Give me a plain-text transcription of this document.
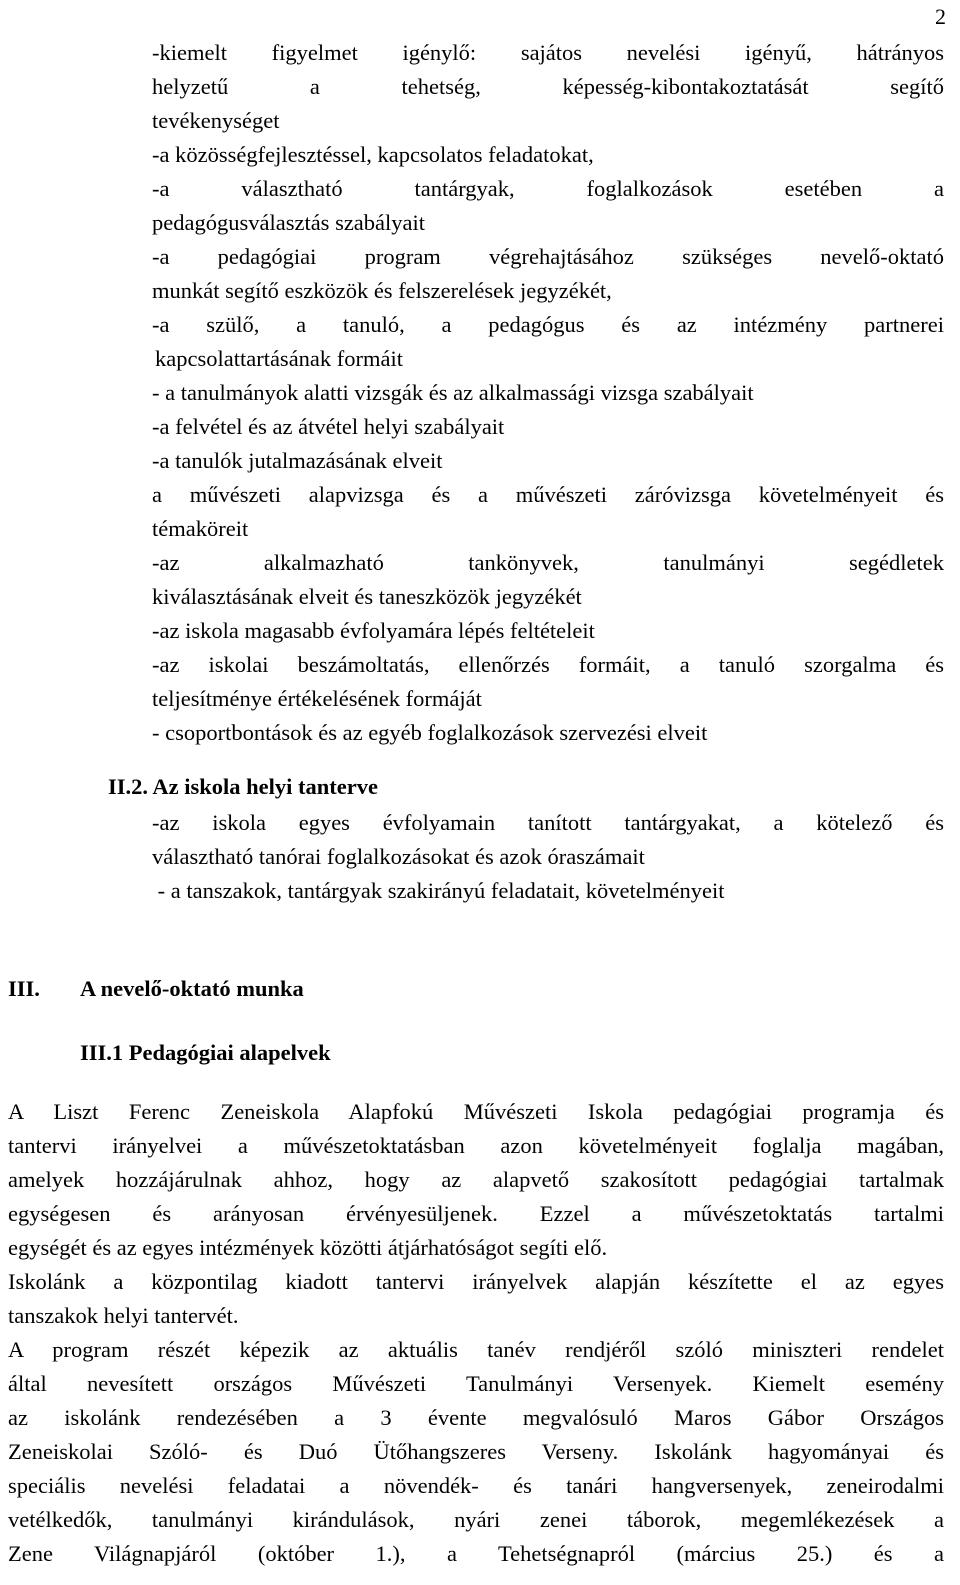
2
-kiemelt figyelmet igénylő: sajátos nevelési igényű, hátrányos
helyzetű a tehetség, képesség-kibontakoztatását segítő
tevékenységet
-a közösségfejlesztéssel, kapcsolatos feladatokat,
-a választható tantárgyak, foglalkozások esetében a
pedagógusválasztás szabályait
-a pedagógiai program végrehajtásához szükséges nevelő-oktató
munkát segítő eszközök és felszerelések jegyzékét,
-a szülő, a tanuló, a pedagógus és az intézmény partnerei
kapcsolattartásának formáit
- a tanulmányok alatti vizsgák és az alkalmassági vizsga szabályait
-a felvétel és az átvétel helyi szabályait
-a tanulók jutalmazásának elveit
a művészeti alapvizsga és a művészeti záróvizsga követelményeit és
témaköreit
-az alkalmazható tankönyvek, tanulmányi segédletek
kiválasztásának elveit és taneszközök jegyzékét
-az iskola magasabb évfolyamára lépés feltételeit
-az iskolai beszámoltatás, ellenőrzés formáit, a tanuló szorgalma és
teljesítménye értékelésének formáját
- csoportbontások és az egyéb foglalkozások szervezési elveit
II.2. Az iskola helyi tanterve
-az iskola egyes évfolyamain tanított tantárgyakat, a kötelező és
választható tanórai foglalkozásokat és azok óraszámait
- a tanszakok, tantárgyak szakirányú feladatait, követelményeit
III. A nevelő-oktató munka
III.1 Pedagógiai alapelvek
A Liszt Ferenc Zeneiskola Alapfokú Művészeti Iskola pedagógiai programja és
tantervi irányelvei a művészetoktatásban azon követelményeit foglalja magában,
amelyek hozzájárulnak ahhoz, hogy az alapvető szakosított pedagógiai tartalmak
egységesen és arányosan érvényesüljenek. Ezzel a művészetoktatás tartalmi
egységét és az egyes intézmények közötti átjárhatóságot segíti elő.
Iskolánk a központilag kiadott tantervi irányelvek alapján készítette el az egyes
tanszakok helyi tantervét.
A program részét képezik az aktuális tanév rendjéről szóló miniszteri rendelet
által nevesített országos Művészeti Tanulmányi Versenyek. Kiemelt esemény
az iskolánk rendezésében a 3 évente megvalósuló Maros Gábor Országos
Zeneiskolai Szóló- és Duó Ütőhangszeres Verseny. Iskolánk hagyományai és
speciális nevelési feladatai a növendék- és tanári hangversenyek, zeneirodalmi
vetélkedők, tanulmányi kirándulások, nyári zenei táborok, megemlékezések a
Zene Világnapjáról (október 1.), a Tehetségnapról (március 25.) és a
